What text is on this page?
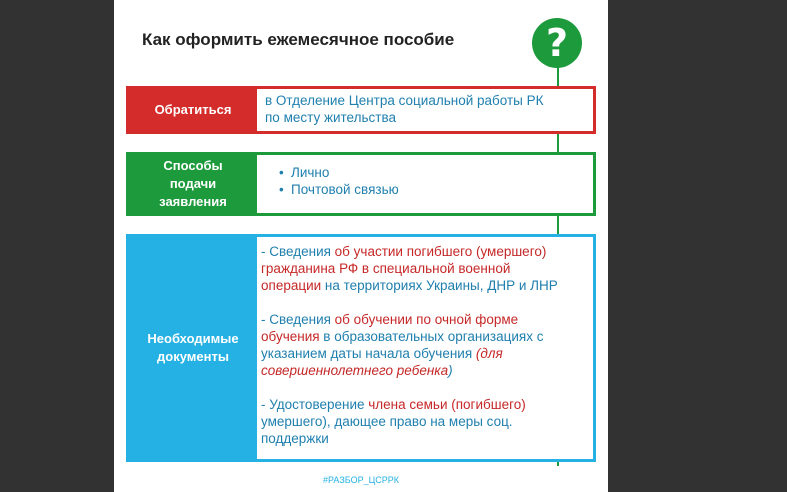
Как оформить ежемесячное пособие ?
Обратиться
в Отделение Центра социальной работы РК
по месту жительства
Способы
подачи
заявления
• Лично
• Почтовой связью
Необходимые
документы

- Сведения об участии погибшего (умершего)
гражданина РФ в специальной военной
операции на территориях Украины, ДНР и ЛНР

- Сведения об обучении по очной форме
обучения в образовательных организациях с
указанием даты начала обучения (для
совершеннолетнего ребенка)

- Удостоверение члена семьи (погибшего)
умершего), дающее право на меры соц.
поддержки

#РАЗБОР_ЦСРРК
